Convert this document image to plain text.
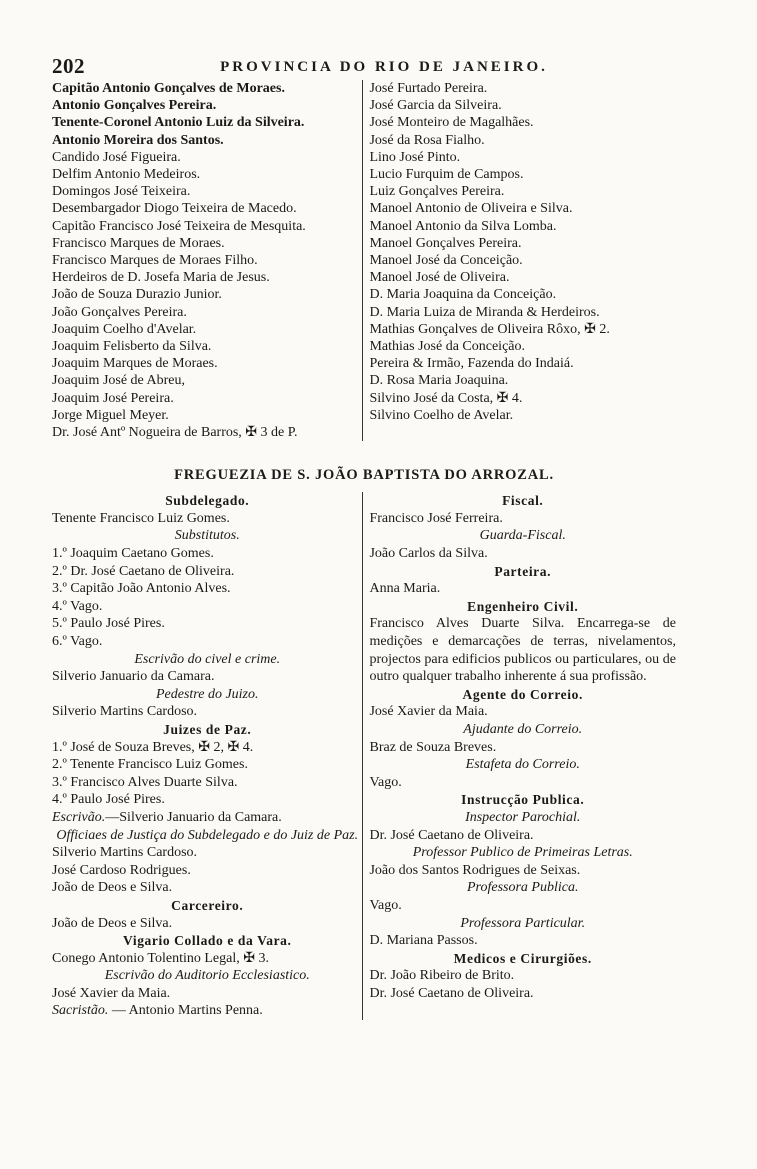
202	PROVINCIA DO RIO DE JANEIRO.
Capitão Antonio Gonçalves de Moraes.
Antonio Gonçalves Pereira.
Tenente-Coronel Antonio Luiz da Silveira.
Antonio Moreira dos Santos.
Candido José Figueira.
Delfim Antonio Medeiros.
Domingos José Teixeira.
Desembargador Diogo Teixeira de Macedo.
Capitão Francisco José Teixeira de Mesquita.
Francisco Marques de Moraes.
Francisco Marques de Moraes Filho.
Herdeiros de D. Josefa Maria de Jesus.
João de Souza Durazio Junior.
João Gonçalves Pereira.
Joaquim Coelho d'Avelar.
Joaquim Felisberto da Silva.
Joaquim Marques de Moraes.
Joaquim José de Abreu,
Joaquim José Pereira.
Jorge Miguel Meyer.
Dr. José Antº Nogueira de Barros, ✠ 3 de P.
José Furtado Pereira.
José Garcia da Silveira.
José Monteiro de Magalhães.
José da Rosa Fialho.
Lino José Pinto.
Lucio Furquim de Campos.
Luiz Gonçalves Pereira.
Manoel Antonio de Oliveira e Silva.
Manoel Antonio da Silva Lomba.
Manoel Gonçalves Pereira.
Manoel José da Conceição.
Manoel José de Oliveira.
D. Maria Joaquina da Conceição.
D. Maria Luiza de Miranda & Herdeiros.
Mathias Gonçalves de Oliveira Rôxo, ✠ 2.
Mathias José da Conceição.
Pereira & Irmão, Fazenda do Indaiá.
D. Rosa Maria Joaquina.
Silvino José da Costa, ✠ 4.
Silvino Coelho de Avelar.
FREGUEZIA DE S. JOÃO BAPTISTA DO ARROZAL.
Subdelegado.
Tenente Francisco Luiz Gomes.
Substitutos.
1.º Joaquim Caetano Gomes.
2.º Dr. José Caetano de Oliveira.
3.º Capitão João Antonio Alves.
4.º Vago.
5.º Paulo José Pires.
6.º Vago.
Escrivão do civel e crime.
Silverio Januario da Camara.
Pedestre do Juizo.
Silverio Martins Cardoso.
Juizes de Paz.
1.º José de Souza Breves, ✠ 2, ✠ 4.
2.º Tenente Francisco Luiz Gomes.
3.º Francisco Alves Duarte Silva.
4.º Paulo José Pires.
Escrivão.—Silverio Januario da Camara.
Officiaes de Justiça do Subdelegado e do Juiz de Paz.
Silverio Martins Cardoso.
José Cardoso Rodrigues.
João de Deos e Silva.
Carcereiro.
João de Deos e Silva.
Vigario Collado e da Vara.
Conego Antonio Tolentino Legal, ✠ 3.
Escrivão do Auditorio Ecclesiastico.
José Xavier da Maia.
Sacristão. — Antonio Martins Penna.
Fiscal.
Francisco José Ferreira.
Guarda-Fiscal.
João Carlos da Silva.
Parteira.
Anna Maria.
Engenheiro Civil.
Francisco Alves Duarte Silva. Encarrega-se de medições e demarcações de terras, nivelamentos, projectos para edificios publicos ou particulares, ou de outro qualquer trabalho inherente á sua profissão.
Agente do Correio.
José Xavier da Maia.
Ajudante do Correio.
Braz de Souza Breves.
Estafeta do Correio.
Vago.
Instrucção Publica.
Inspector Parochial.
Dr. José Caetano de Oliveira.
Professor Publico de Primeiras Letras.
João dos Santos Rodrigues de Seixas.
Professora Publica.
Vago.
Professora Particular.
D. Mariana Passos.
Medicos e Cirurgiões.
Dr. João Ribeiro de Brito.
Dr. José Caetano de Oliveira.
